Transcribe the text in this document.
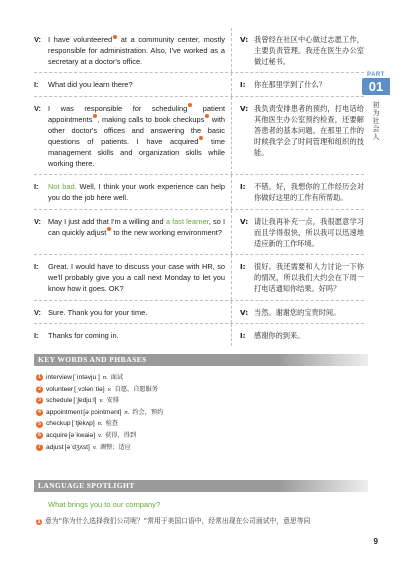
V: I have volunteered at a community center, mostly responsible for administration. Also, I've worked as a secretary at a doctor's office.
V: 我曾经在社区中心做过志愿工作，主要负责管理。我还在医生办公室做过秘书。
I:	What did you learn there?	I:	你在那里学到了什么？
V: I was responsible for scheduling patient appointments , making calls to book checkups with other doctor's offices and answering the basic questions of patients. I have acquired time management skills and organization skills while working there.
V: 我负责安排患者的预约，打电话给其他医生办公室预约检查，还要解答患者的基本问题。在那里工作的时候我学会了时间管理和组织的技能。
I:	Not bad. Well, I think your work experience can help you do the job here well.
I:	不错。好，我想你的工作经历会对你做好这里的工作有所帮助。
V: May I just add that I'm a willing and a fast learner, so I can quickly adjust to the new working environment?
V: 请让我再补充一点，我很愿意学习而且学得很快，所以我可以迅速地适应新的工作环境。
I:	Great. I would have to discuss your case with HR, so we'll probably give you a call next Monday to let you know how it goes. OK?
I:	很好。我还需要和人力讨论一下你的情况，所以我们大约会在下周一打电话通知你结果。好吗？
V: Sure. Thank you for your time.	V: 当然。谢谢您的宝贵时间。
I:	Thanks for coming in.	I:	感谢你的到来。
PART
01
初为社会人
KEY WORDS AND PHRASES
1 interview [ˈintəvjuː] n. 面试
2 volunteer [ˌvɔlənˈtiə] v. 自愿，自愿服务
3 schedule [ˈʃedjuːl] v. 安排
4 appointment [əˈpɔintmənt] n. 约会，预约
5 checkup [ˈtʃekʌp] n. 检查
6 acquire [əˈkwaiə] v. 获得，得到
7 adjust [əˈdʒʌst] v. 调整；适应
LANGUAGE SPOTLIGHT
What brings you to our company?
1 意为“你为什么选择我们公司呢？”常用于美国口语中，经常出现在公司面试中，意思等同
9
